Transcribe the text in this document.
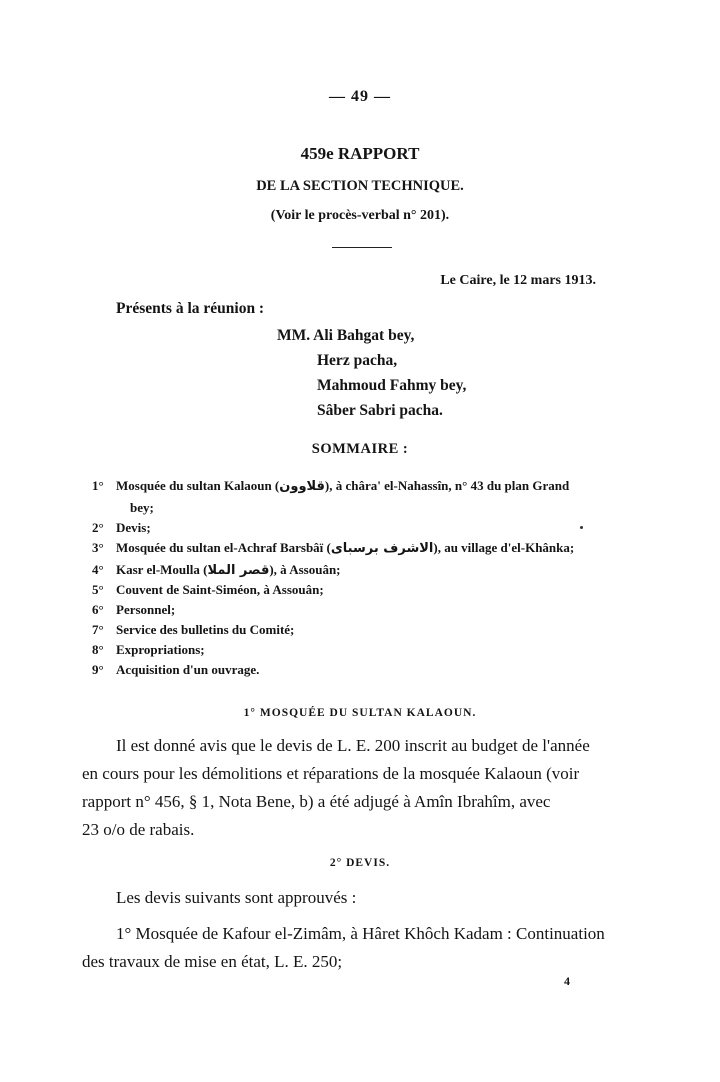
— 49 —
459e RAPPORT
DE LA SECTION TECHNIQUE.
(Voir le procès-verbal n° 201).
Le Caire, le 12 mars 1913.
Présents à la réunion :
MM. Ali Bahgat bey,
Herz pacha,
Mahmoud Fahmy bey,
Sâber Sabri pacha.
SOMMAIRE :
1° Mosquée du sultan Kalaoun (قلاوون), à châra' el-Nahassîn, n° 43 du plan Grand
bey;
2° Devis;
3° Mosquée du sultan el-Achraf Barsbâï (الاشرف برسباى), au village d'el-Khânka;
4° Kasr el-Moulla (قصر الملا), à Assouân;
5° Couvent de Saint-Siméon, à Assouân;
6° Personnel;
7° Service des bulletins du Comité;
8° Expropriations;
9° Acquisition d'un ouvrage.
1° MOSQUÉE DU SULTAN KALAOUN.
Il est donné avis que le devis de L. E. 200 inscrit au budget de l'année
en cours pour les démolitions et réparations de la mosquée Kalaoun (voir
rapport n° 456, § 1, Nota Bene, b) a été adjugé à Amîn Ibrahîm, avec
23 o/o de rabais.
2° DEVIS.
Les devis suivants sont approuvés :
1° Mosquée de Kafour el-Zimâm, à Hâret Khôch Kadam : Continuation
des travaux de mise en état, L. E. 250;
4
